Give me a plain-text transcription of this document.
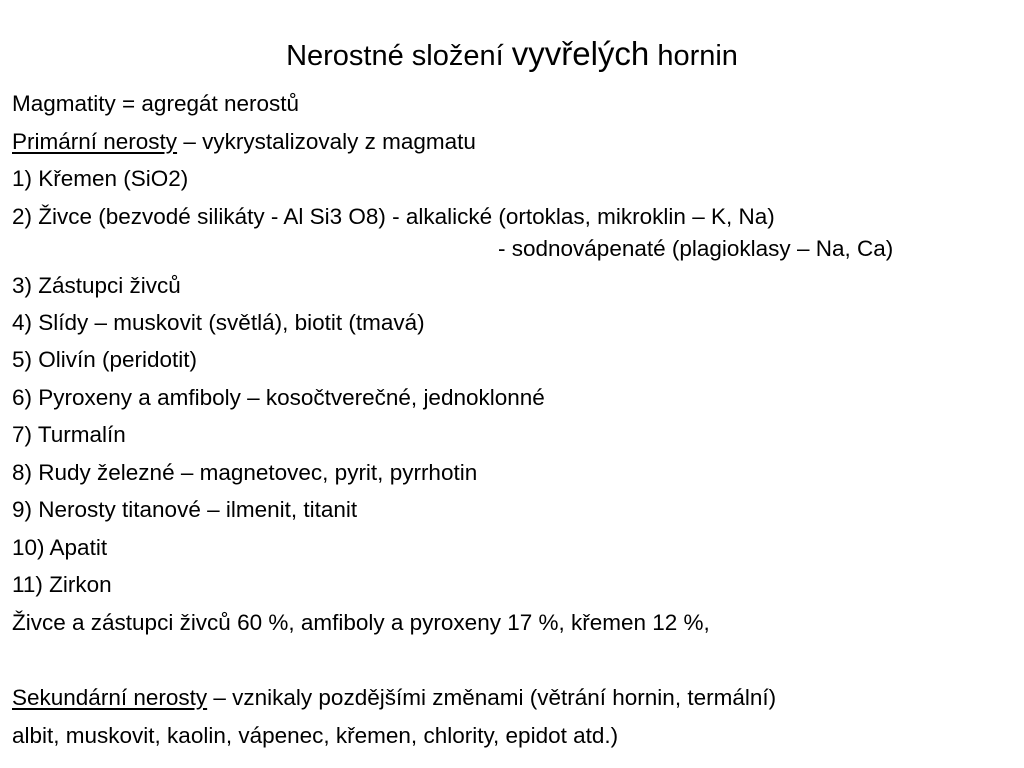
Nerostné složení vyvřelých hornin
Magmatity = agregát nerostů
Primární nerosty – vykrystalizovaly z magmatu
1) Křemen (SiO2)
2) Živce (bezvodé silikáty - Al Si3 O8) - alkalické (ortoklas, mikroklin – K, Na)
- sodnovápenaté (plagioklasy – Na, Ca)
3) Zástupci živců
4) Slídy – muskovit (světlá), biotit (tmavá)
5) Olivín (peridotit)
6) Pyroxeny a amfiboly – kosočtverečné, jednoklonné
7) Turmalín
8) Rudy železné – magnetovec, pyrit, pyrrhotin
9) Nerosty titanové – ilmenit, titanit
10) Apatit
11) Zirkon
Živce a zástupci živců 60 %, amfiboly a pyroxeny 17 %, křemen 12 %,
Sekundární nerosty – vznikaly pozdějšími změnami (větrání hornin, termální)
albit, muskovit, kaolin, vápenec, křemen, chlority, epidot atd.)
